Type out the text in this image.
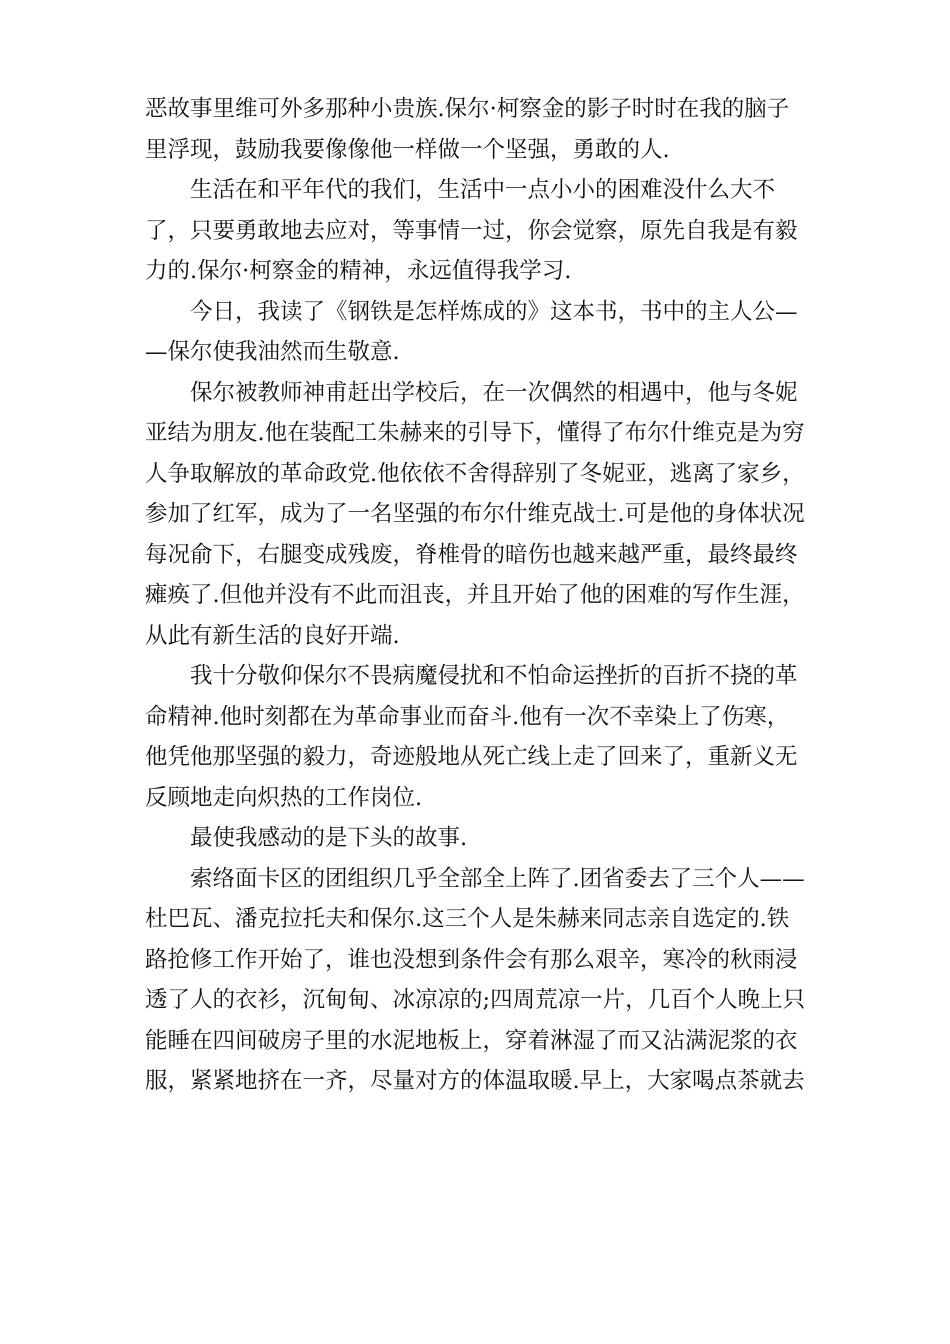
恶故事里维可外多那种小贵族.保尔·柯察金的影子时时在我的脑子
里浮现，鼓励我要像像他一样做一个坚强，勇敢的人.
生活在和平年代的我们，生活中一点小小的困难没什么大不
了，只要勇敢地去应对，等事情一过，你会觉察，原先自我是有毅
力的.保尔·柯察金的精神，永远值得我学习.
今日，我读了《钢铁是怎样炼成的》这本书，书中的主人公—
—保尔使我油然而生敬意.
保尔被教师神甫赶出学校后，在一次偶然的相遇中，他与冬妮
亚结为朋友.他在装配工朱赫来的引导下，懂得了布尔什维克是为穷
人争取解放的革命政党.他依依不舍得辞别了冬妮亚，逃离了家乡，
参加了红军，成为了一名坚强的布尔什维克战士.可是他的身体状况
每况俞下，右腿变成残废，脊椎骨的暗伤也越来越严重，最终最终
瘫痪了.但他并没有不此而沮丧，并且开始了他的困难的写作生涯，
从此有新生活的良好开端.
我十分敬仰保尔不畏病魔侵扰和不怕命运挫折的百折不挠的革
命精神.他时刻都在为革命事业而奋斗.他有一次不幸染上了伤寒，
他凭他那坚强的毅力，奇迹般地从死亡线上走了回来了，重新义无
反顾地走向炽热的工作岗位.
最使我感动的是下头的故事.
索络面卡区的团组织几乎全部全上阵了.团省委去了三个人——
杜巴瓦、潘克拉托夫和保尔.这三个人是朱赫来同志亲自选定的.铁
路抢修工作开始了，谁也没想到条件会有那么艰辛，寒冷的秋雨浸
透了人的衣衫，沉甸甸、冰凉凉的;四周荒凉一片，几百个人晚上只
能睡在四间破房子里的水泥地板上，穿着淋湿了而又沾满泥浆的衣
服，紧紧地挤在一齐，尽量对方的体温取暖.早上，大家喝点茶就去
